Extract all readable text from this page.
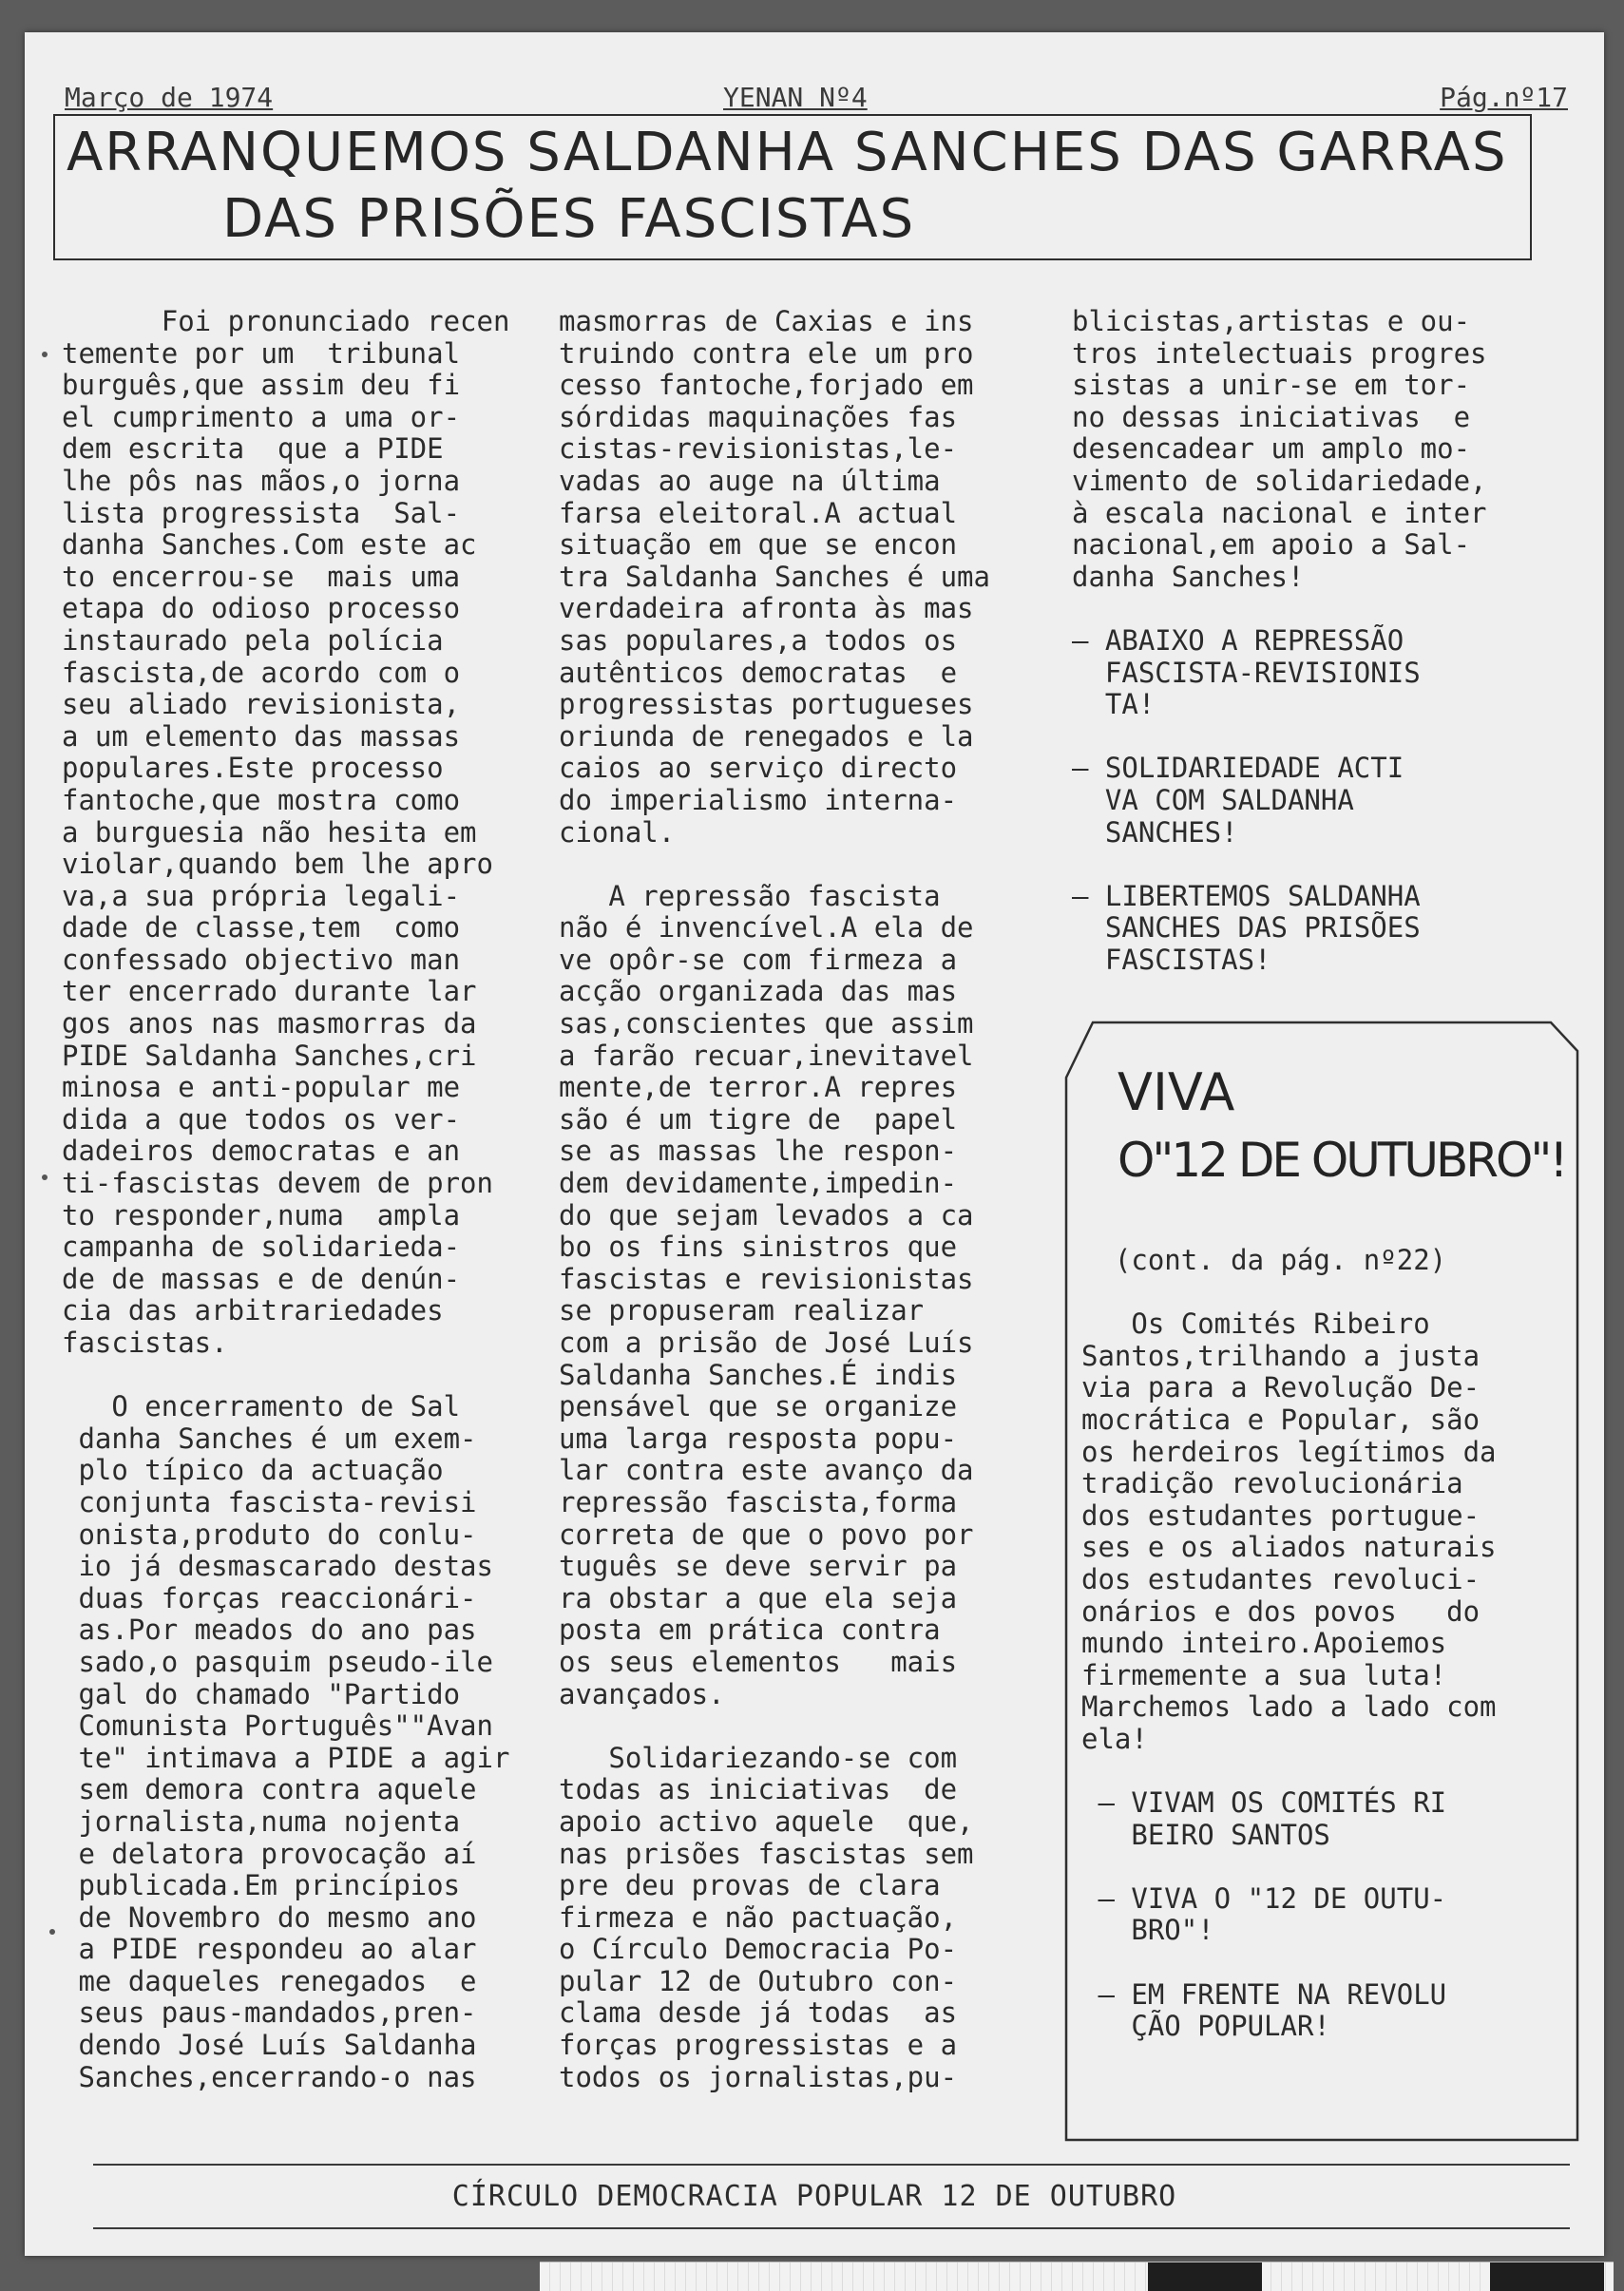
Março de 1974	YENAN Nº4	Pág.nº17
ARRANQUEMOS SALDANHA SANCHES DAS GARRAS
DAS PRISÕES FASCISTAS
Foi pronunciado recen
temente por um  tribunal
burguês,que assim deu fi
el cumprimento a uma or-
dem escrita  que a PIDE
lhe pôs nas mãos,o jorna
lista progressista  Sal-
danha Sanches.Com este ac
to encerrou-se  mais uma
etapa do odioso processo
instaurado pela polícia
fascista,de acordo com o
seu aliado revisionista,
a um elemento das massas
populares.Este processo
fantoche,que mostra como
a burguesia não hesita em
violar,quando bem lhe apro
va,a sua própria legali-
dade de classe,tem  como
confessado objectivo man
ter encerrado durante lar
gos anos nas masmorras da
PIDE Saldanha Sanches,cri
minosa e anti-popular me
dida a que todos os ver-
dadeiros democratas e an
ti-fascistas devem de pron
to responder,numa  ampla
campanha de solidarieda-
de de massas e de denún-
cia das arbitrariedades
fascistas.

O encerramento de Sal
danha Sanches é um exem-
plo típico da actuação
conjunta fascista-revisi
onista,produto do conlu-
io já desmascarado destas
duas forças reaccionári-
as.Por meados do ano pas
sado,o pasquim pseudo-ile
gal do chamado "Partido
Comunista Português""Avan
te" intimava a PIDE a agir
sem demora contra aquele
jornalista,numa nojenta
e delatora provocação aí
publicada.Em princípios
de Novembro do mesmo ano
a PIDE respondeu ao alar
me daqueles renegados  e
seus paus-mandados,pren-
dendo José Luís Saldanha
Sanches,encerrando-o nas
masmorras de Caxias e ins
truindo contra ele um pro
cesso fantoche,forjado em
sórdidas maquinações fas
cistas-revisionistas,le-
vadas ao auge na última
farsa eleitoral.A actual
situação em que se encon
tra Saldanha Sanches é uma
verdadeira afronta às mas
sas populares,a todos os
autênticos democratas  e
progressistas portugueses
oriunda de renegados e la
caios ao serviço directo
do imperialismo interna-
cional.

A repressão fascista
não é invencível.A ela de
ve opôr-se com firmeza a
acção organizada das mas
sas,conscientes que assim
a farão recuar,inevitavel
mente,de terror.A repres
são é um tigre de  papel
se as massas lhe respon-
dem devidamente,impedin-
do que sejam levados a ca
bo os fins sinistros que
fascistas e revisionistas
se propuseram realizar
com a prisão de José Luís
Saldanha Sanches.É indis
pensável que se organize
uma larga resposta popu-
lar contra este avanço da
repressão fascista,forma
correta de que o povo por
tuguês se deve servir pa
ra obstar a que ela seja
posta em prática contra
os seus elementos   mais
avançados.

Solidariezando-se com
todas as iniciativas  de
apoio activo aquele  que,
nas prisões fascistas sem
pre deu provas de clara
firmeza e não pactuação,
o Círculo Democracia Po-
pular 12 de Outubro con-
clama desde já todas  as
forças progressistas e a
todos os jornalistas,pu-
blicistas,artistas e ou-
tros intelectuais progres
sistas a unir-se em tor-
no dessas iniciativas  e
desencadear um amplo mo-
vimento de solidariedade,
à escala nacional e inter
nacional,em apoio a Sal-
danha Sanches!

— ABAIXO A REPRESSÃO
FASCISTA-REVISIONIS
TA!

— SOLIDARIEDADE ACTI
VA COM SALDANHA
SANCHES!

— LIBERTEMOS SALDANHA
SANCHES DAS PRISÕES
FASCISTAS!
VIVA
O"12 DE OUTUBRO"!
(cont. da pág. nº22)

Os Comités Ribeiro
Santos,trilhando a justa
via para a Revolução De-
mocrática e Popular, são
os herdeiros legítimos da
tradição revolucionária
dos estudantes portugue-
ses e os aliados naturais
dos estudantes revoluci-
onários e dos povos   do
mundo inteiro.Apoiemos
firmemente a sua luta!
Marchemos lado a lado com
ela!

— VIVAM OS COMITÉS RI
BEIRO SANTOS

— VIVA O "12 DE OUTU-
BRO"!

— EM FRENTE NA REVOLU
ÇÃO POPULAR!
CÍRCULO DEMOCRACIA POPULAR 12 DE OUTUBRO
